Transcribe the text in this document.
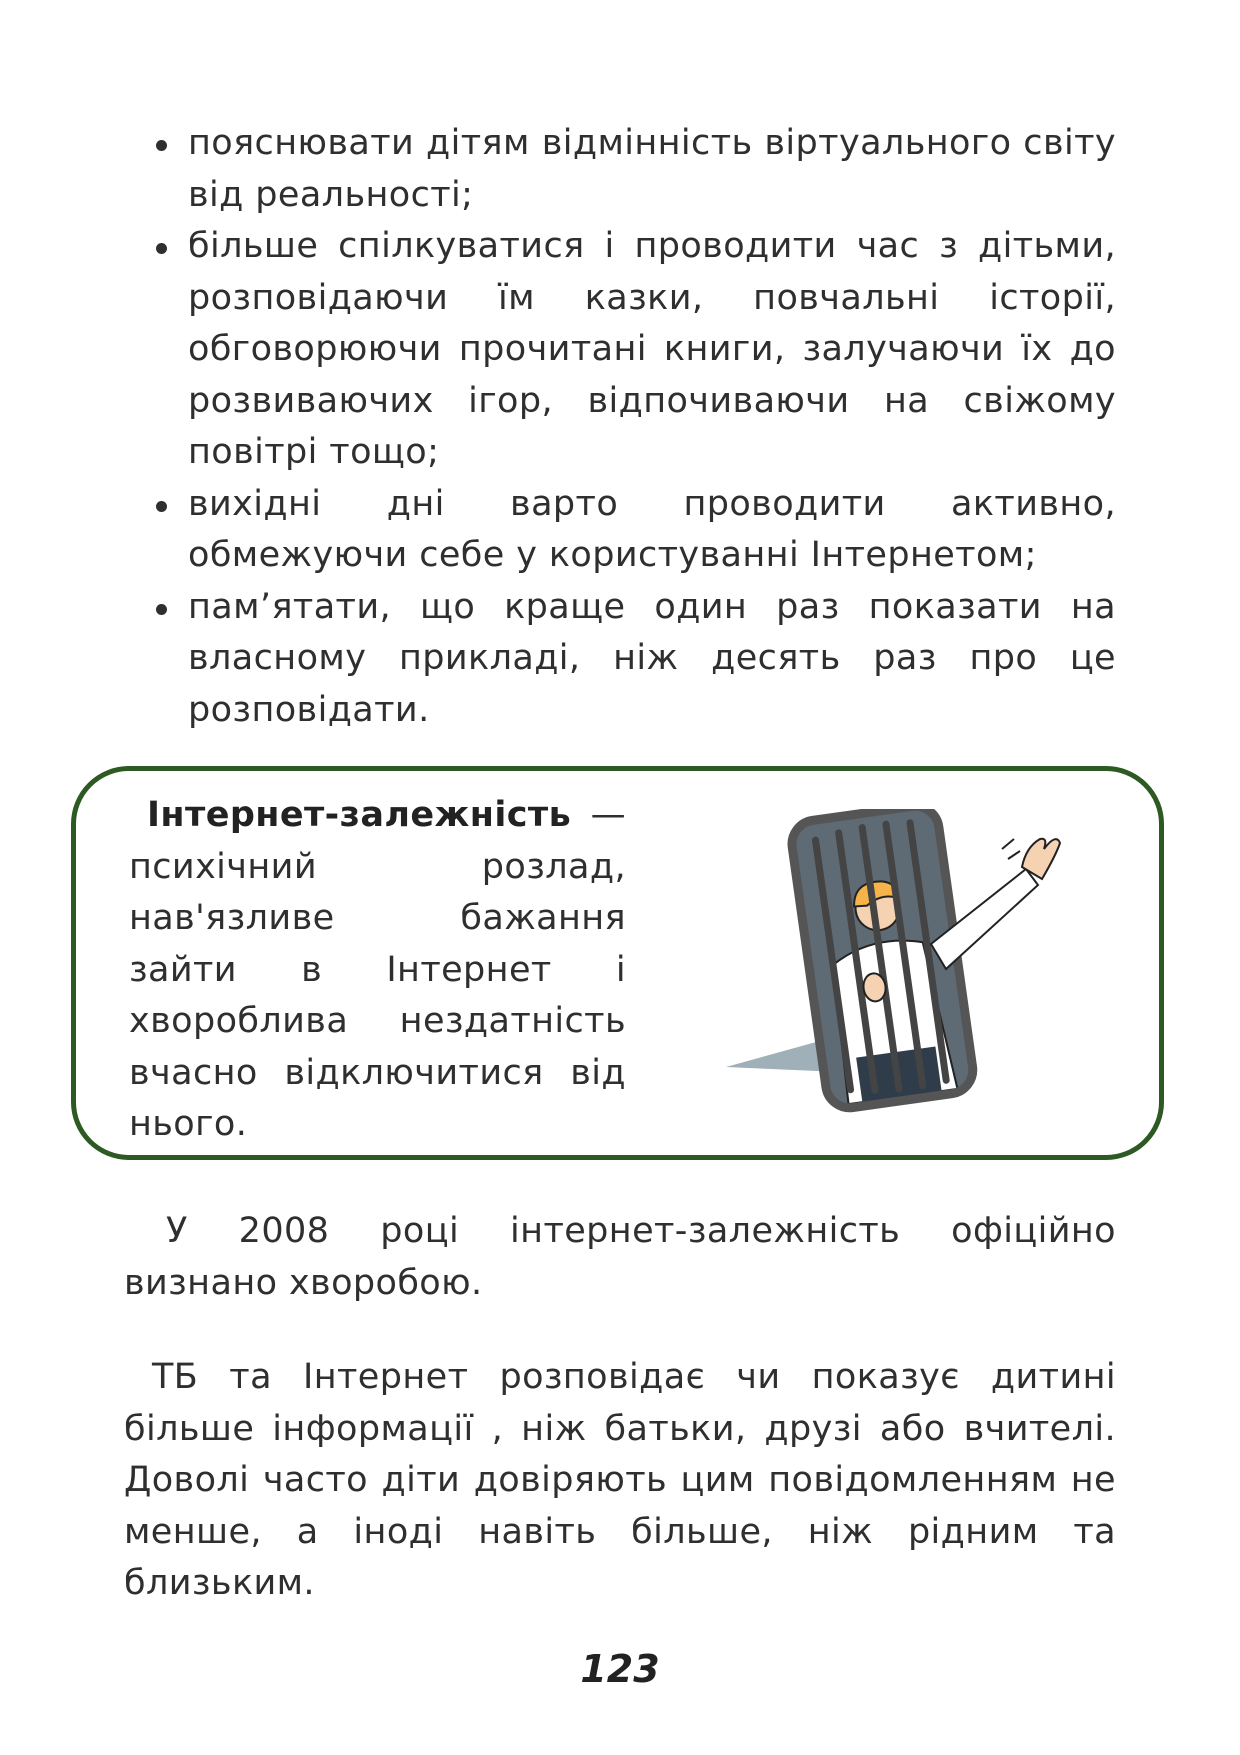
пояснювати дітям відмінність віртуального світу від реальності;
більше спілкуватися і проводити час з дітьми, розповідаючи їм казки, повчальні історії, обговорюючи прочитані книги, залучаючи їх до розвиваючих ігор, відпочиваючи на свіжому повітрі тощо;
вихідні дні варто проводити активно, обмежуючи себе у користуванні Інтернетом;
пам’ятати, що краще один раз показати на власному прикладі, ніж десять раз про це розповідати.

Інтернет-залежність — психічний розлад, нав'язливе бажання зайти в Інтернет і хвороблива нездатність вчасно відключитися від нього.

У 2008 році інтернет-залежність офіційно визнано хворобою.

ТБ та Інтернет розповідає чи показує дитині більше інформації , ніж батьки, друзі або вчителі. Доволі часто діти довіряють цим повідомленням не менше, а іноді навіть більше, ніж рідним та близьким.

123
